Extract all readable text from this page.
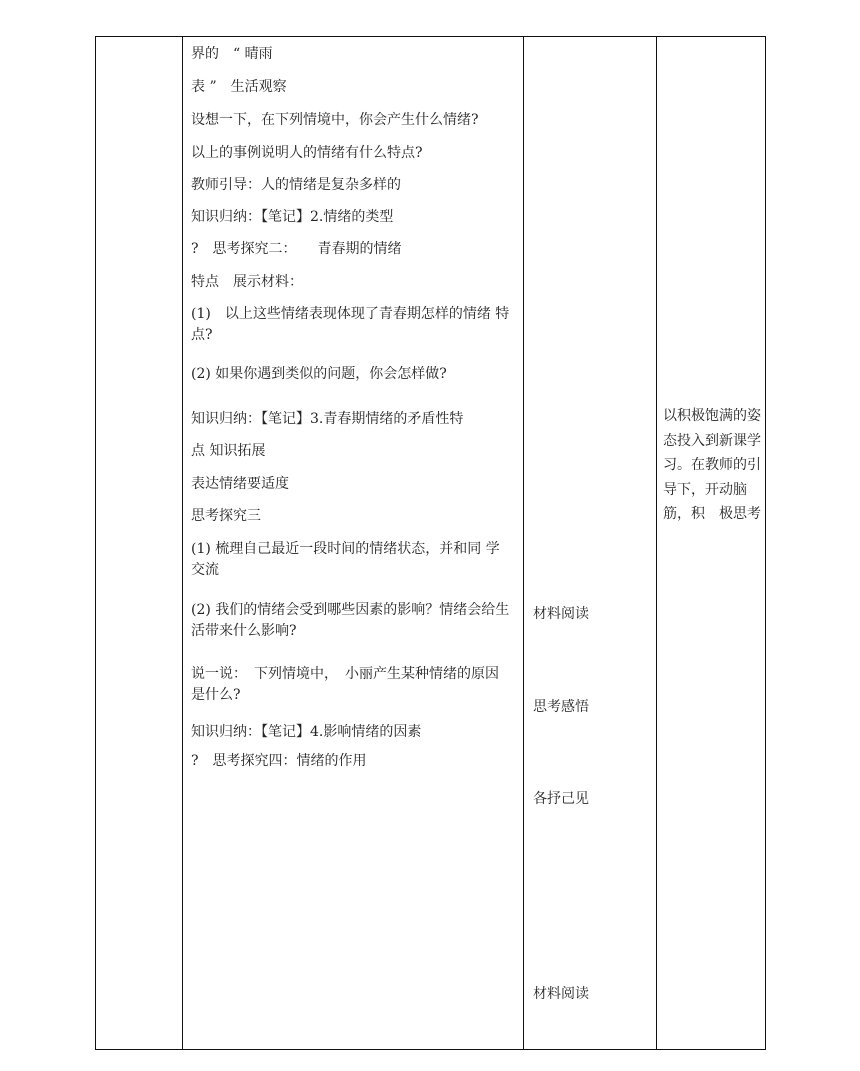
界的　“ 晴雨
表 ”　生活观察
设想一下，在下列情境中，你会产生什么情绪?
以上的事例说明人的情绪有什么特点?
教师引导：人的情绪是复杂多样的
知识归纳：【笔记】2.情绪的类型
?　思考探究二：　　青春期的情绪
特点　展示材料：
(1)　以上这些情绪表现体现了青春期怎样的情绪 特点?
(2) 如果你遇到类似的问题，你会怎样做?
知识归纳：【笔记】3.青春期情绪的矛盾性特
点 知识拓展
表达情绪要适度
思考探究三
(1) 梳理自己最近一段时间的情绪状态，并和同 学交流
(2) 我们的情绪会受到哪些因素的影响？情绪会给生活带来什么影响?
说一说：　下列情境中，　小丽产生某种情绪的原因 是什么?
知识归纳：【笔记】4.影响情绪的因素
?　思考探究四：情绪的作用
材料阅读
思考感悟
各抒己见
材料阅读
以积极饱满的姿态投入到新课学习。在教师的引导下，开动脑筋，积　极思考
